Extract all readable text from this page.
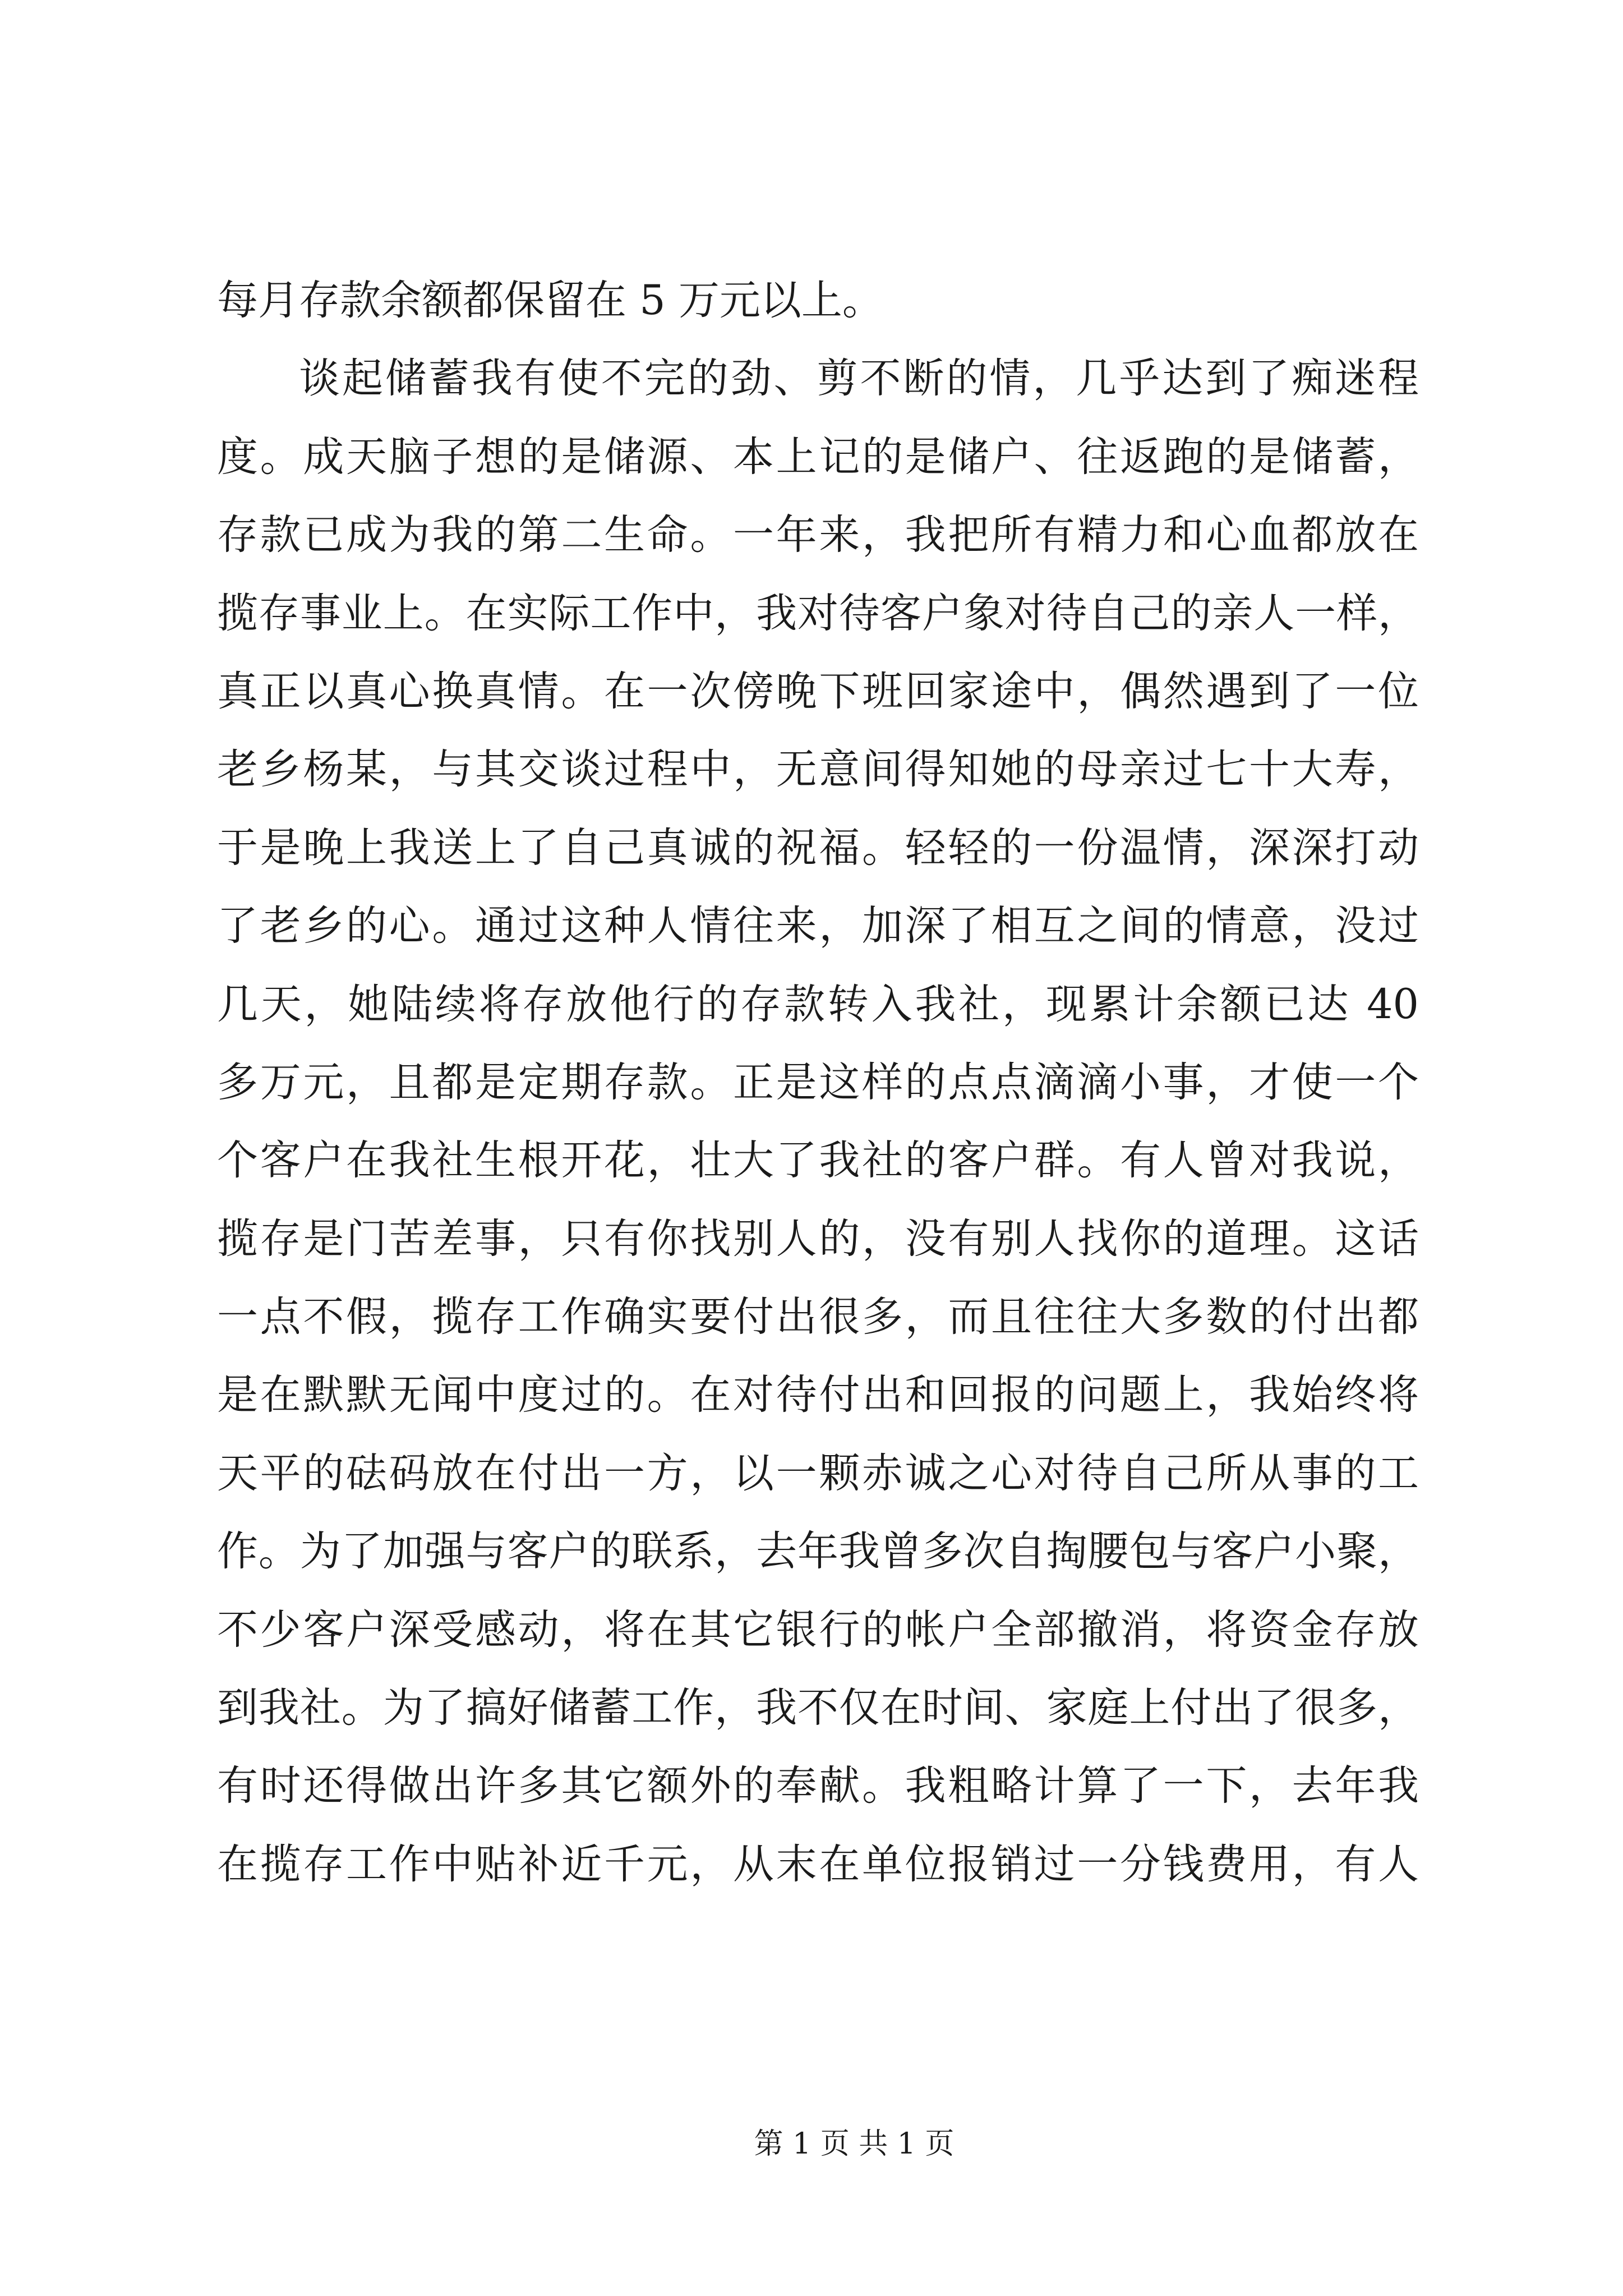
每月存款余额都保留在 5 万元以上。
谈起储蓄我有使不完的劲、剪不断的情，几乎达到了痴迷程
度。成天脑子想的是储源、本上记的是储户、往返跑的是储蓄，
存款已成为我的第二生命。一年来，我把所有精力和心血都放在
揽存事业上。在实际工作中，我对待客户象对待自己的亲人一样，
真正以真心换真情。在一次傍晚下班回家途中，偶然遇到了一位
老乡杨某，与其交谈过程中，无意间得知她的母亲过七十大寿，
于是晚上我送上了自己真诚的祝福。轻轻的一份温情，深深打动
了老乡的心。通过这种人情往来，加深了相互之间的情意，没过
几天，她陆续将存放他行的存款转入我社，现累计余额已达 40
多万元，且都是定期存款。正是这样的点点滴滴小事，才使一个
个客户在我社生根开花，壮大了我社的客户群。有人曾对我说，
揽存是门苦差事，只有你找别人的，没有别人找你的道理。这话
一点不假，揽存工作确实要付出很多，而且往往大多数的付出都
是在默默无闻中度过的。在对待付出和回报的问题上，我始终将
天平的砝码放在付出一方，以一颗赤诚之心对待自己所从事的工
作。为了加强与客户的联系，去年我曾多次自掏腰包与客户小聚，
不少客户深受感动，将在其它银行的帐户全部撤消，将资金存放
到我社。为了搞好储蓄工作，我不仅在时间、家庭上付出了很多，
有时还得做出许多其它额外的奉献。我粗略计算了一下，去年我
在揽存工作中贴补近千元，从末在单位报销过一分钱费用，有人
第 1 页 共 1 页
